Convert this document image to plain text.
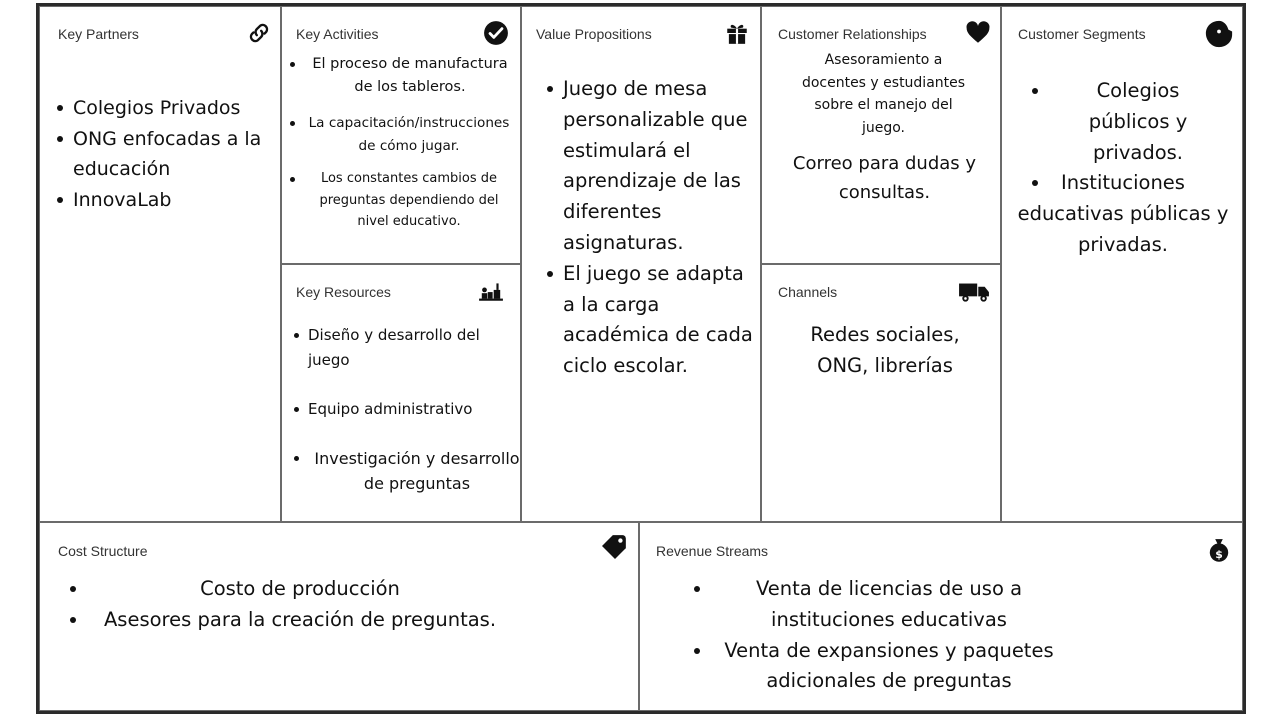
Key Partners
Colegios Privados
ONG enfocadas a la educación
InnovaLab
Key Activities
El proceso de manufactura de los tableros.
La capacitación/instrucciones de cómo jugar.
Los constantes cambios de preguntas dependiendo del nivel educativo.
Key Resources
Diseño y desarrollo del juego
Equipo administrativo
Investigación y desarrollo de preguntas
Value Propositions
Juego de mesa personalizable que estimulará el aprendizaje de las diferentes asignaturas.
El juego se adapta a la carga académica de cada ciclo escolar.
Customer Relationships
Asesoramiento a docentes y estudiantes sobre el manejo del juego.
Correo para dudas y consultas.
Channels
Redes sociales, ONG, librerías
Customer Segments
Colegios públicos y privados.
Instituciones educativas públicas y privadas.
Cost Structure
Costo de producción
Asesores para la creación de preguntas.
Revenue Streams	$
Venta de licencias de uso a instituciones educativas
Venta de expansiones y paquetes adicionales de preguntas
